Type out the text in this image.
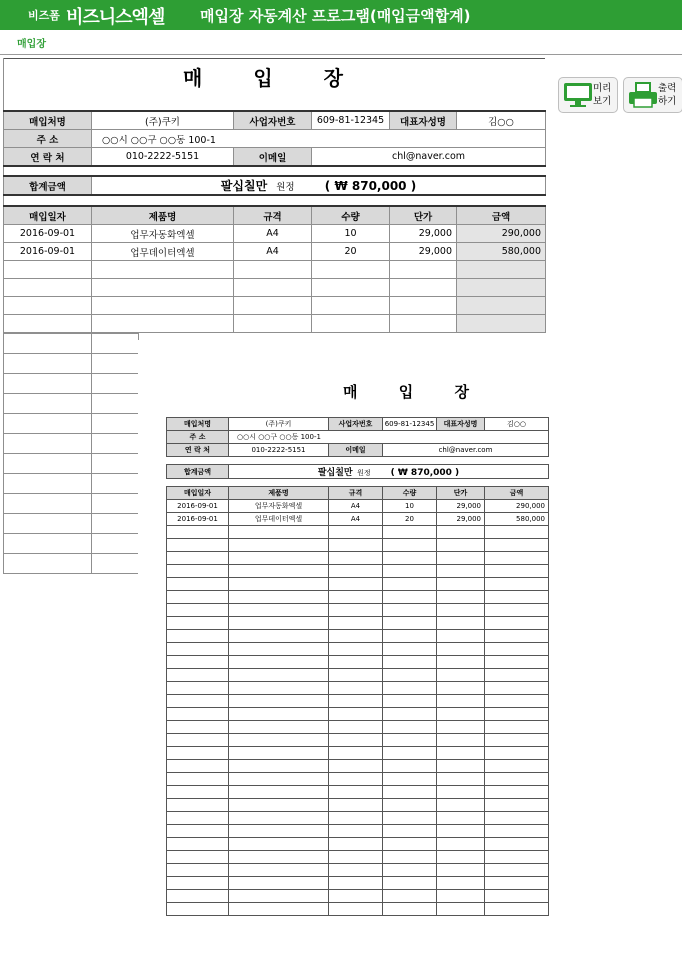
비즈폼 비즈니스엑셀 매입장 자동계산 프로그램(매입금액합계)
매입장
미리
보기
출력
하기
매 입 장
매입처명	(주)쿠키	사업자번호	609-81-12345	대표자성명	김○○
주 소	○○시 ○○구 ○○동 100-1				
연 락 처	010-2222-5151	이메일	chl@naver.com		
합계금액	팔십칠만 원정	( ₩ 870,000 )
매입일자	제품명	규격	수량	단가	금액
2016-09-01	업무자동화엑셀	A4	10	29,000	290,000
2016-09-01	업무데이터엑셀	A4	20	29,000	580,000

매 입 장
매입처명	(주)쿠키	사업자번호	609-81-12345	대표자성명	김○○
주 소	○○시 ○○구 ○○동 100-1				
연 락 처	010-2222-5151	이메일	chl@naver.com		
합계금액	팔십칠만 원정 ( ₩ 870,000 )
매입일자	제품명	규격	수량	단가	금액
2016-09-01	업무자동화엑셀	A4	10	29,000	290,000
2016-09-01	업무데이터엑셀	A4	20	29,000	580,000
